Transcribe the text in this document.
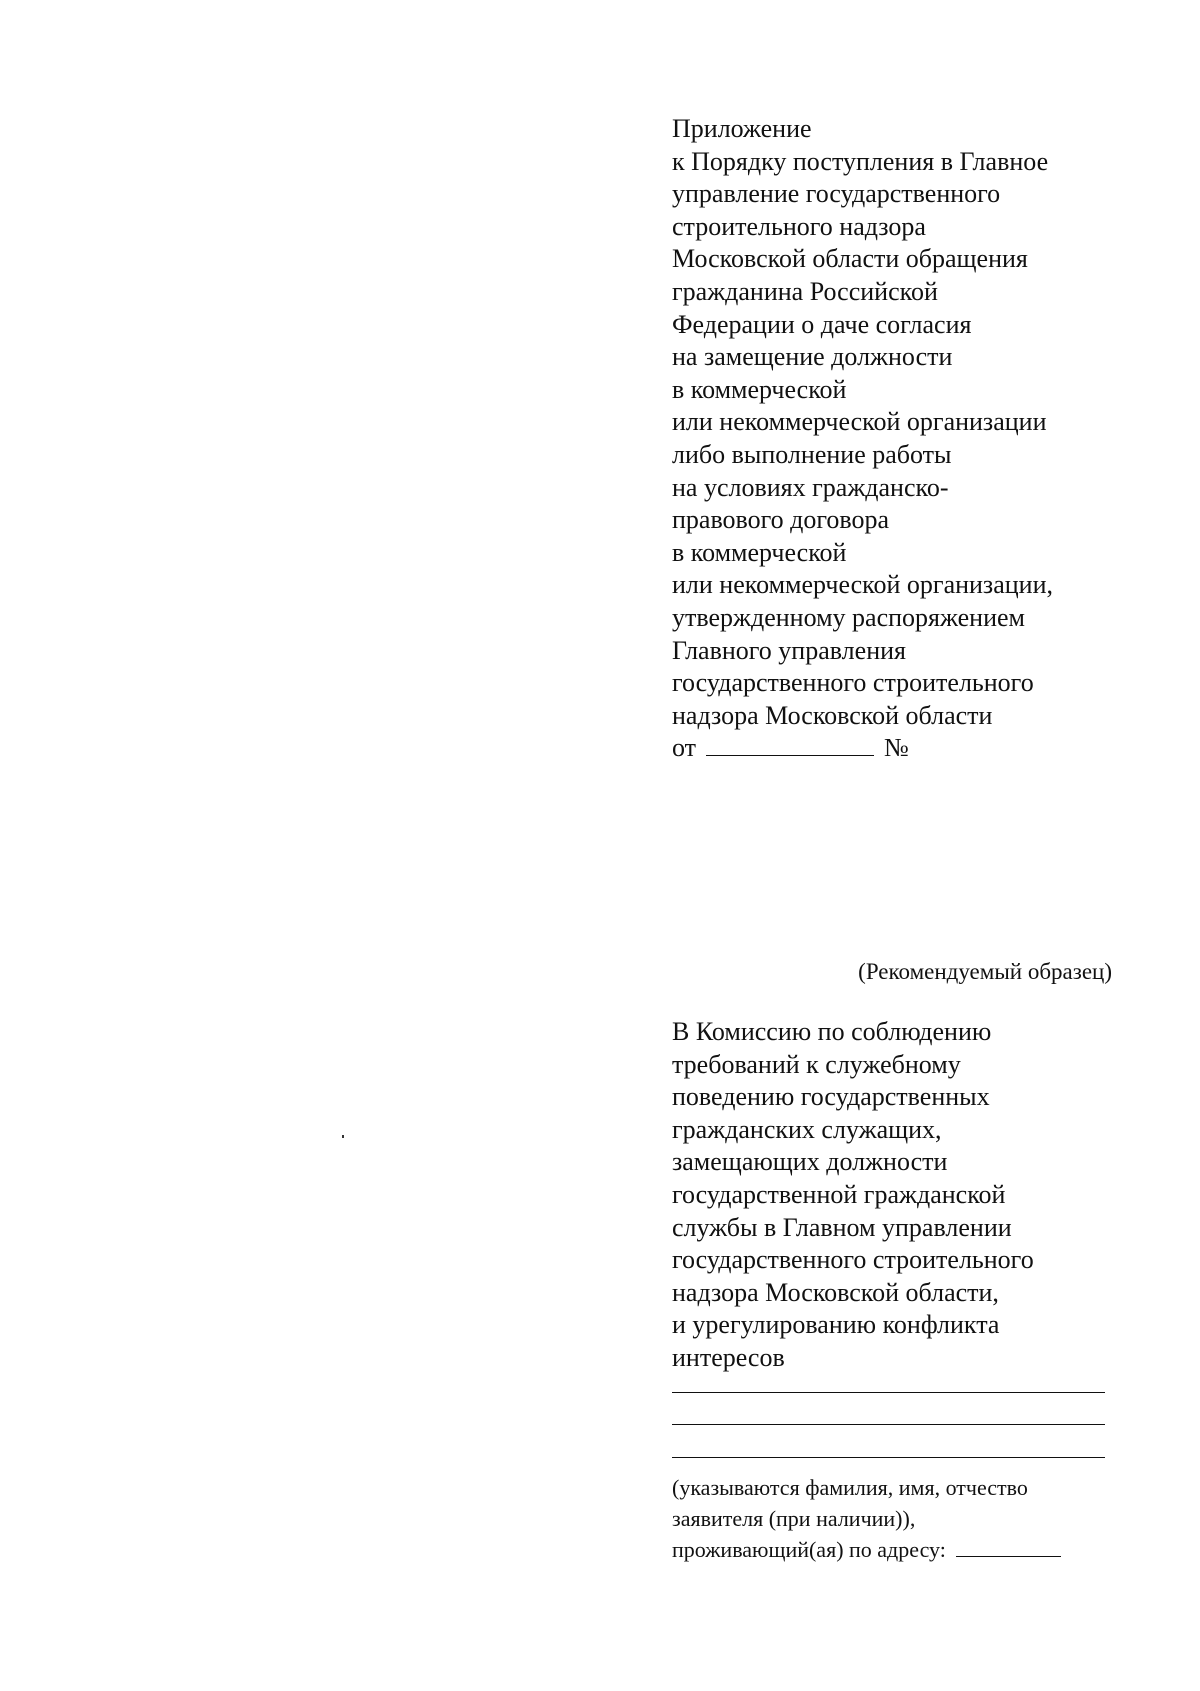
Приложение
к Порядку поступления в Главное
управление государственного
строительного надзора
Московской области обращения
гражданина Российской
Федерации о даче согласия
на замещение должности
в коммерческой
или некоммерческой организации
либо выполнение работы
на условиях гражданско-
правового договора
в коммерческой
или некоммерческой организации,
утвержденному распоряжением
Главного управления
государственного строительного
надзора Московской области
от	№
(Рекомендуемый образец)
В Комиссию по соблюдению
требований к служебному
поведению государственных
гражданских служащих,
замещающих должности
государственной гражданской
службы в Главном управлении
государственного строительного
надзора Московской области,
и урегулированию конфликта
интересов
(указываются фамилия, имя, отчество
заявителя (при наличии)),
проживающий(ая) по адресу:
